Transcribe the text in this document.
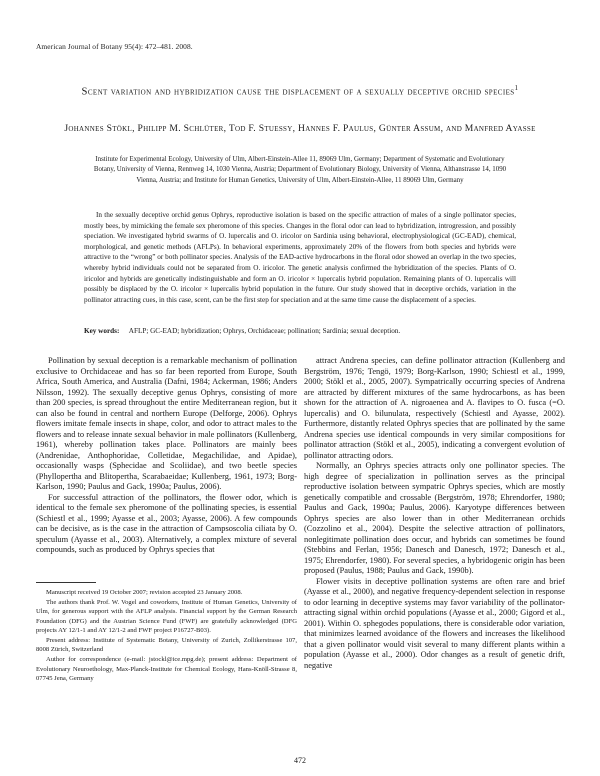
American Journal of Botany 95(4): 472–481. 2008.
Scent variation and hybridization cause the displacement of a sexually deceptive orchid species$^1$
Johannes Stökl, Philipp M. Schlüter, Tod F. Stuessy, Hannes F. Paulus, Günter Assum, and Manfred Ayasse
Institute for Experimental Ecology, University of Ulm, Albert-Einstein-Allee 11, 89069 Ulm, Germany; Department of Systematic and Evolutionary Botany, University of Vienna, Rennweg 14, 1030 Vienna, Austria; Department of Evolutionary Biology, University of Vienna, Althanstrasse 14, 1090 Vienna, Austria; and Institute for Human Genetics, University of Ulm, Albert-Einstein-Allee, 11 89069 Ulm, Germany

In the sexually deceptive orchid genus Ophrys, reproductive isolation is based on the specific attraction of males of a single pollinator species, mostly bees, by mimicking the female sex pheromone of this species. Changes in the floral odor can lead to hybridization, introgression, and possibly speciation. We investigated hybrid swarms of O. lupercalis and O. iricolor on Sardinia using behavioral, electrophysiological (GC-EAD), chemical, morphological, and genetic methods (AFLPs). In behavioral experiments, approximately 20% of the flowers from both species and hybrids were attractive to the “wrong” or both pollinator species. Analysis of the EAD-active hydrocarbons in the floral odor showed an overlap in the two species, whereby hybrid individuals could not be separated from O. iricolor. The genetic analysis confirmed the hybridization of the species. Plants of O. iricolor and hybrids are genetically indistinguishable and form an O. iricolor × lupercalis hybrid population. Remaining plants of O. lupercalis will possibly be displaced by the O. iricolor × lupercalis hybrid population in the future. Our study showed that in deceptive orchids, variation in the pollinator attracting cues, in this case, scent, can be the first step for speciation and at the same time cause the displacement of a species.

Key words: AFLP; GC-EAD; hybridization; Ophrys, Orchidaceae; pollination; Sardinia; sexual deception.

Pollination by sexual deception is a remarkable mechanism of pollination exclusive to Orchidaceae and has so far been reported from Europe, South Africa, South America, and Australia (Dafni, 1984; Ackerman, 1986; Anders Nilsson, 1992). The sexually deceptive genus Ophrys, consisting of more than 200 species, is spread throughout the entire Mediterranean region, but it can also be found in central and northern Europe (Delforge, 2006). Ophrys flowers imitate female insects in shape, color, and odor to attract males to the flowers and to release innate sexual behavior in male pollinators (Kullenberg, 1961), whereby pollination takes place. Pollinators are mainly bees (Andrenidae, Anthophoridae, Colletidae, Megachilidae, and Apidae), occasionally wasps (Sphecidae and Scoliidae), and two beetle species (Phyllopertha and Blitopertha, Scarabaeidae; Kullenberg, 1961, 1973; Borg-Karlson, 1990; Paulus and Gack, 1990a; Paulus, 2006).

For successful attraction of the pollinators, the flower odor, which is identical to the female sex pheromone of the pollinating species, is essential (Schiestl et al., 1999; Ayasse et al., 2003; Ayasse, 2006). A few compounds can be decisive, as is the case in the attraction of Campsoscolia ciliata by O. speculum (Ayasse et al., 2003). Alternatively, a complex mixture of several compounds, such as produced by Ophrys species that

attract Andrena species, can define pollinator attraction (Kullenberg and Bergström, 1976; Tengö, 1979; Borg-Karlson, 1990; Schiestl et al., 1999, 2000; Stökl et al., 2005, 2007). Sympatrically occurring species of Andrena are attracted by different mixtures of the same hydrocarbons, as has been shown for the attraction of A. nigroaenea and A. flavipes to O. fusca (=O. lupercalis) and O. bilunulata, respectively (Schiestl and Ayasse, 2002). Furthermore, distantly related Ophrys species that are pollinated by the same Andrena species use identical compounds in very similar compositions for pollinator attraction (Stökl et al., 2005), indicating a convergent evolution of pollinator attracting odors.

Normally, an Ophrys species attracts only one pollinator species. The high degree of specialization in pollination serves as the principal reproductive isolation between sympatric Ophrys species, which are mostly genetically compatible and crossable (Bergström, 1978; Ehrendorfer, 1980; Paulus and Gack, 1990a; Paulus, 2006). Karyotype differences between Ophrys species are also lower than in other Mediterranean orchids (Cozzolino et al., 2004). Despite the selective attraction of pollinators, nonlegitimate pollination does occur, and hybrids can sometimes be found (Stebbins and Ferlan, 1956; Danesch and Danesch, 1972; Danesch et al., 1975; Ehrendorfer, 1980). For several species, a hybridogenic origin has been proposed (Paulus, 1988; Paulus and Gack, 1990b).

Flower visits in deceptive pollination systems are often rare and brief (Ayasse et al., 2000), and negative frequency-dependent selection in response to odor learning in deceptive systems may favor variability of the pollinator-attracting signal within orchid populations (Ayasse et al., 2000; Gigord et al., 2001). Within O. sphegodes populations, there is considerable odor variation, that minimizes learned avoidance of the flowers and increases the likelihood that a given pollinator would visit several to many different plants within a population (Ayasse et al., 2000). Odor changes as a result of genetic drift, negative

Manuscript received 19 October 2007; revision accepted 23 January 2008.

The authors thank Prof. W. Vogel and coworkers, Institute of Human Genetics, University of Ulm, for generous support with the AFLP analysis. Financial support by the German Research Foundation (DFG) and the Austrian Science Fund (FWF) are gratefully acknowledged (DFG projects AY 12/1-1 and AY 12/1-2 and FWF project P16727-B03).

Present address: Institute of Systematic Botany, University of Zurich, Zollikerstrasse 107, 8008 Zürich, Switzerland

Author for correspondence (e-mail: jstockl@ice.mpg.de); present address: Department of Evolutionary Neuroethology, Max-Planck-Institute for Chemical Ecology, Hans-Knöll-Strasse 8, 07745 Jena, Germany

472
